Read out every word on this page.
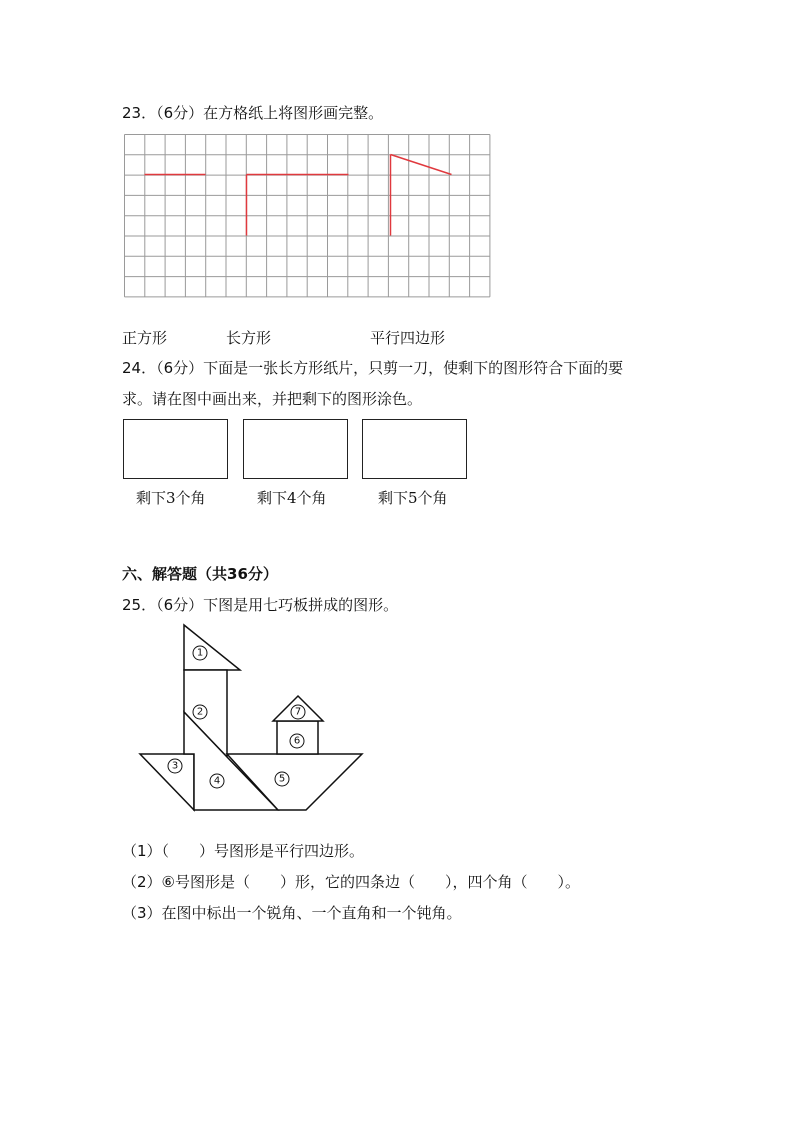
23．（6分）在方格纸上将图形画完整。
正方形	长方形	平行四边形
24．（6分）下面是一张长方形纸片，只剪一刀，使剩下的图形符合下面的要
求。请在图中画出来，并把剩下的图形涂色。
剩下3个角	剩下4个角	剩下5个角
六、解答题（共36分）
25．（6分）下图是用七巧板拼成的图形。
1
2
3
4	5
6
7
（1）（　　）号图形是平行四边形。
（2）⑥号图形是（　　）形，它的四条边（　　），四个角（　　）。
（3）在图中标出一个锐角、一个直角和一个钝角。
